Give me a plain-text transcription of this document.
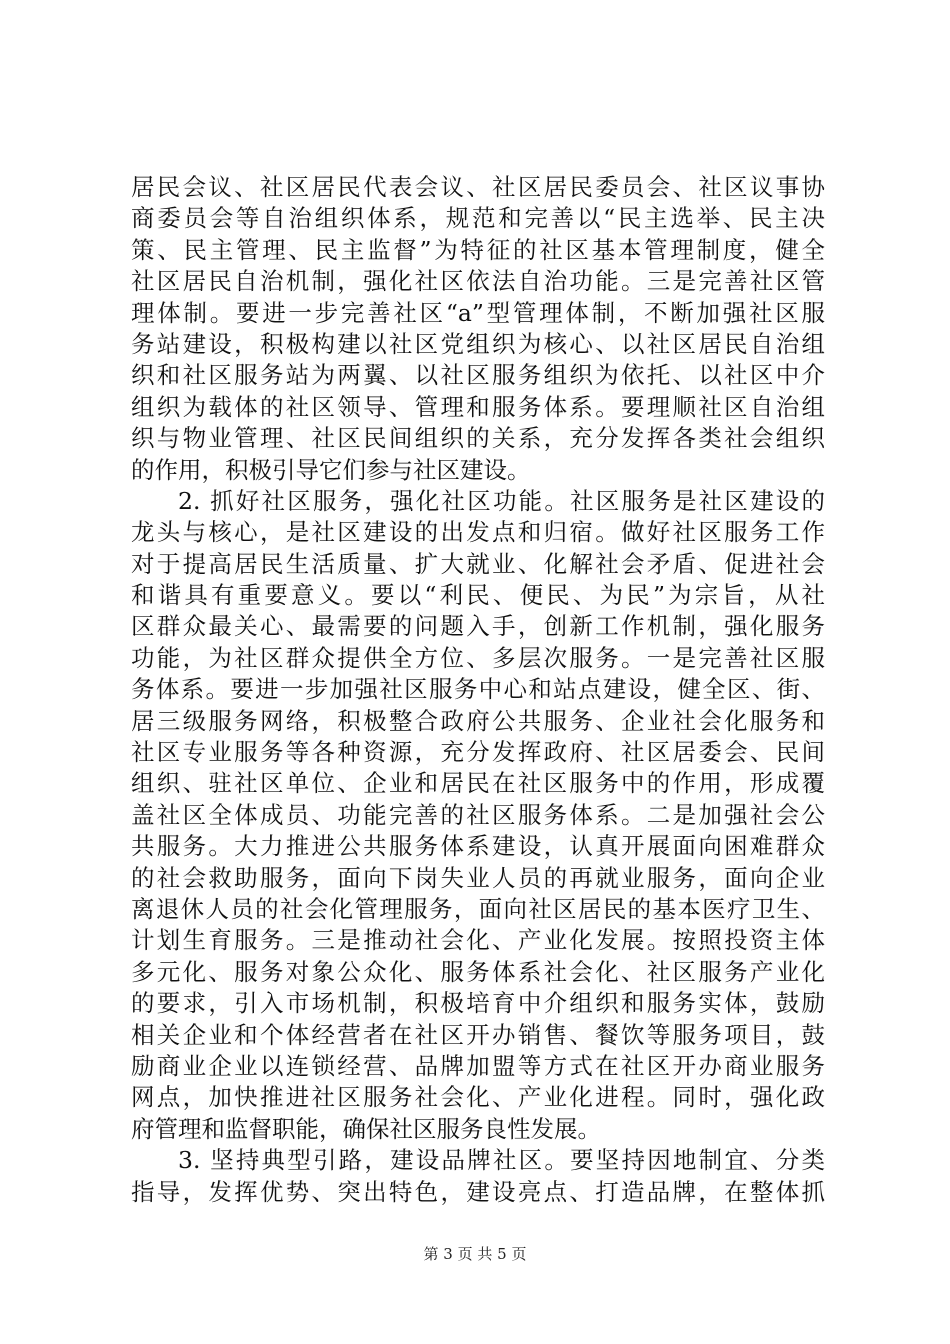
居民会议、社区居民代表会议、社区居民委员会、社区议事协
商委员会等自治组织体系，规范和完善以“民主选举、民主决
策、民主管理、民主监督”为特征的社区基本管理制度，健全
社区居民自治机制，强化社区依法自治功能。三是完善社区管
理体制。要进一步完善社区“a”型管理体制，不断加强社区服
务站建设，积极构建以社区党组织为核心、以社区居民自治组
织和社区服务站为两翼、以社区服务组织为依托、以社区中介
组织为载体的社区领导、管理和服务体系。要理顺社区自治组
织与物业管理、社区民间组织的关系，充分发挥各类社会组织
的作用，积极引导它们参与社区建设。
2. 抓好社区服务，强化社区功能。社区服务是社区建设的
龙头与核心，是社区建设的出发点和归宿。做好社区服务工作
对于提高居民生活质量、扩大就业、化解社会矛盾、促进社会
和谐具有重要意义。要以“利民、便民、为民”为宗旨，从社
区群众最关心、最需要的问题入手，创新工作机制，强化服务
功能，为社区群众提供全方位、多层次服务。一是完善社区服
务体系。要进一步加强社区服务中心和站点建设，健全区、街、
居三级服务网络，积极整合政府公共服务、企业社会化服务和
社区专业服务等各种资源，充分发挥政府、社区居委会、民间
组织、驻社区单位、企业和居民在社区服务中的作用，形成覆
盖社区全体成员、功能完善的社区服务体系。二是加强社会公
共服务。大力推进公共服务体系建设，认真开展面向困难群众
的社会救助服务，面向下岗失业人员的再就业服务，面向企业
离退休人员的社会化管理服务，面向社区居民的基本医疗卫生、
计划生育服务。三是推动社会化、产业化发展。按照投资主体
多元化、服务对象公众化、服务体系社会化、社区服务产业化
的要求，引入市场机制，积极培育中介组织和服务实体，鼓励
相关企业和个体经营者在社区开办销售、餐饮等服务项目，鼓
励商业企业以连锁经营、品牌加盟等方式在社区开办商业服务
网点，加快推进社区服务社会化、产业化进程。同时，强化政
府管理和监督职能，确保社区服务良性发展。
3. 坚持典型引路，建设品牌社区。要坚持因地制宜、分类
指导，发挥优势、突出特色，建设亮点、打造品牌，在整体抓
第 3 页 共 5 页
